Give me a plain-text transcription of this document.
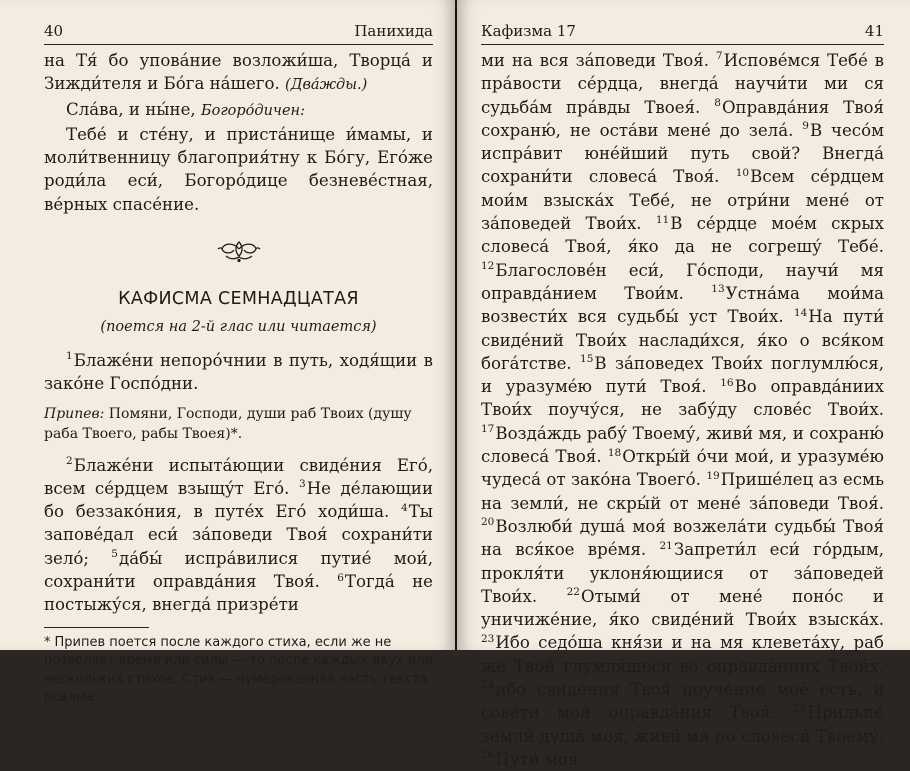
40	Панихида

на Тя́ бо упова́ние возложи́ша, Творца́ и Зижди́теля и Бо́га на́шего. (Два́жды.)

Сла́ва, и ны́не, Богоро́дичен:

Тебе́ и сте́ну, и приста́нище и́мамы, и моли́твенницу благоприя́тну к Бо́гу, Его́же роди́ла еси́, Богоро́дице безневе́стная, ве́рных спасе́ние.

КАФИСМА СЕМНАДЦАТАЯ
(поется на 2-й глас или читается)

$^1$Блаже́ни непоро́чнии в путь, ходя́щии в зако́не Госпо́дни.

Припев: Помяни, Господи, души раб Твоих (душу раба Твоего, рабы Твоея)*.

$^2$Блаже́ни испыта́ющии свиде́ния Его́, всем се́рдцем взыщу́т Его́. $^3$Не де́лающии бо беззако́ния, в путе́х Его́ ходи́ша. $^4$Ты запове́дал еси́ за́поведи Твоя́ сохрани́ти зело́; $^5$да́бы́ испра́вилися путие́ мои́, сохрани́ти оправда́ния Твоя́. $^6$Тогда́ не постыжу́ся, внегда́ призре́ти

* Припев поется после каждого стиха, если же не позволяет время или силы — то после каждых двух или нескольких стихов. Стих — нумерованная часть текста псалма.
Кафизма 17	41

ми на вся за́поведи Твоя́. $^7$Испове́мся Тебе́ в пра́вости се́рдца, внегда́ научи́ти ми ся судьба́м пра́вды Твоея́. $^8$Оправда́ния Твоя́ сохраню́, не оста́ви мене́ до зела́. $^9$В чесо́м испра́вит юне́йший путь свой? Внегда́ сохрани́ти словеса́ Твоя́. $^{10}$Всем се́рдцем мои́м взыска́х Тебе́, не отри́ни мене́ от за́поведей Твои́х. $^{11}$В се́рдце мое́м скрых словеса́ Твоя́, я́ко да не согрешу́ Тебе́. $^{12}$Благослове́н еси́, Го́споди, научи́ мя оправда́нием Твои́м. $^{13}$Устна́ма мои́ма возвести́х вся судьбы́ уст Твои́х. $^{14}$На пути́ свиде́ний Твои́х наслади́хся, я́ко о вся́ком бога́тстве. $^{15}$В за́поведех Твои́х поглумлю́ся, и уразуме́ю пути́ Твоя́. $^{16}$Во оправда́ниих Твои́х поучу́ся, не забу́ду слове́с Твои́х. $^{17}$Возда́ждь рабу́ Твоему́, живи́ мя, и сохраню́ словеса́ Твоя́. $^{18}$Откры́й о́чи мои́, и уразуме́ю чудеса́ от зако́на Твоего́. $^{19}$Прише́лец аз есмь на земли́, не скры́й от мене́ за́поведи Твоя́. $^{20}$Возлюби́ душа́ моя́ возжела́ти судьбы́ Твоя́ на вся́кое вре́мя. $^{21}$Запрети́л еси́ го́рдым, прокля́ти уклоня́ющиися от за́поведей Твои́х. $^{22}$Отыми́ от мене́ поно́с и уничиже́ние, я́ко свиде́ний Твои́х взыска́х. $^{23}$Ибо седо́ша кня́зи и на мя клевета́ху, раб же Твой глумля́шеся во оправда́ниих Твои́х, $^{24}$ибо свиде́ния Твоя́ поуче́ние мое́ есть, и сове́ти мои́ оправда́ния Твоя́. $^{25}$Прильпе́ земли́ душа́ моя́, живи́ мя по словеси́ Твоему́. $^{26}$Пути́ моя́
